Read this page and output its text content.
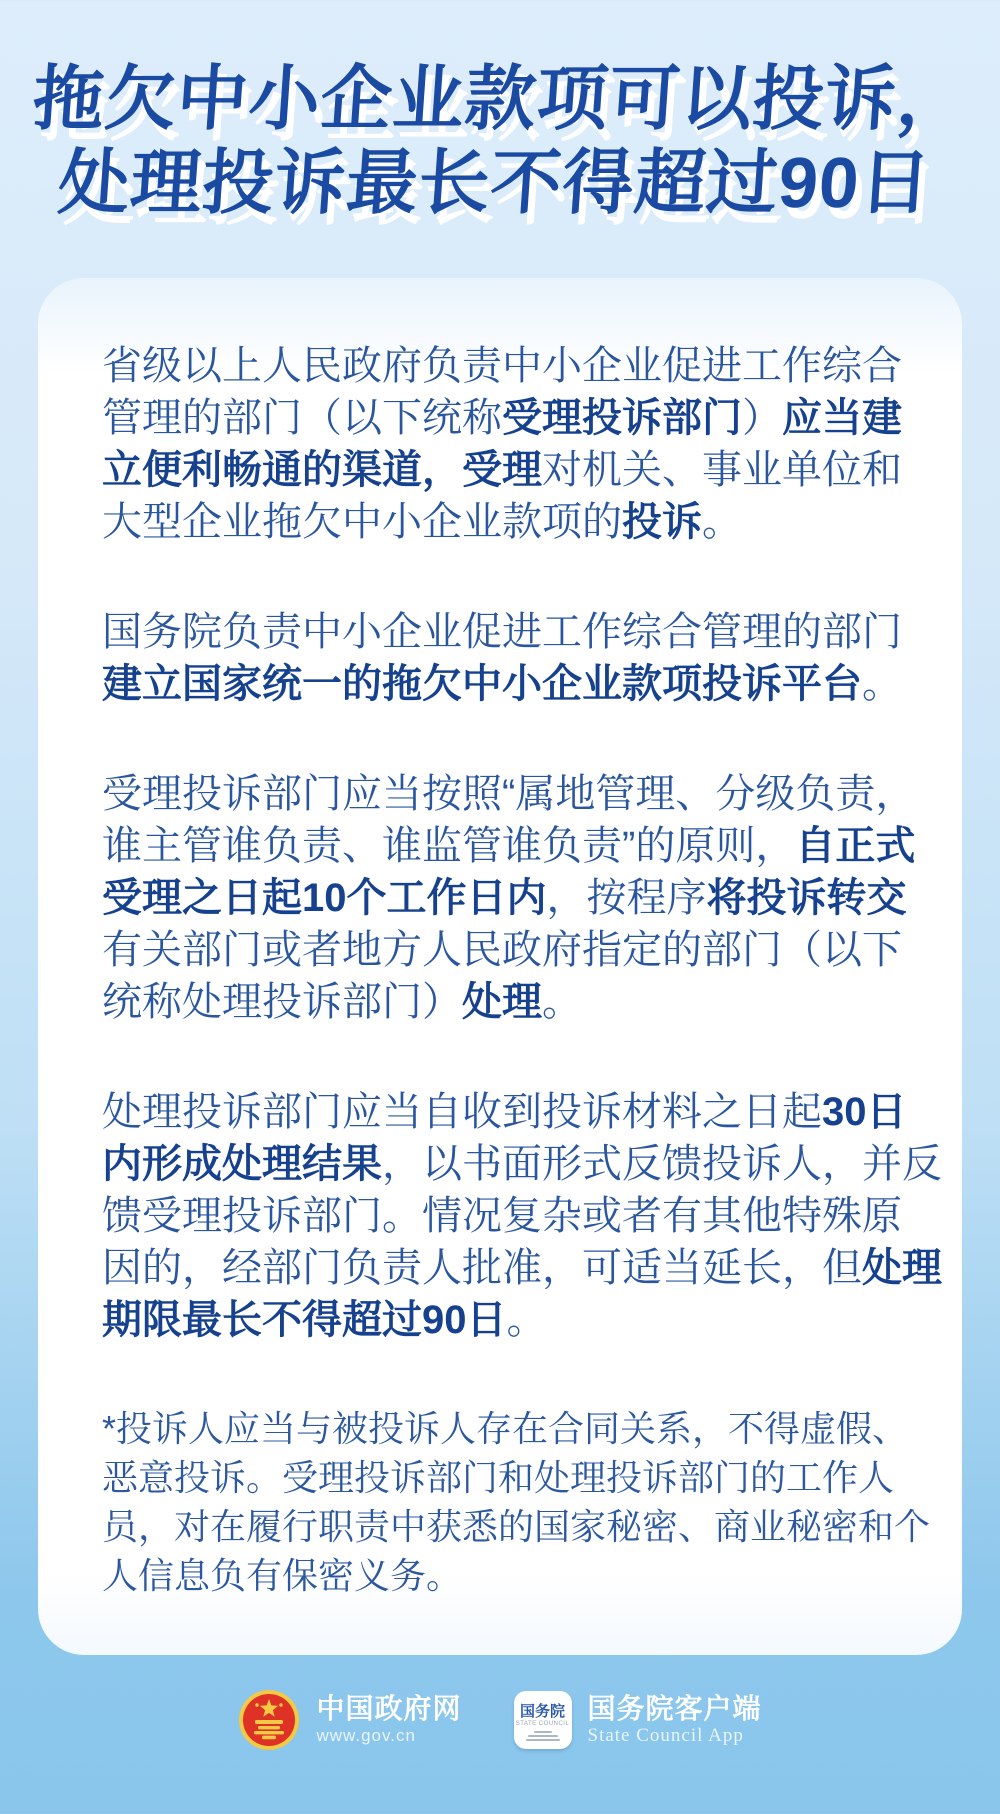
拖欠中小企业款项可以投诉，
处理投诉最长不得超过90日
省级以上人民政府负责中小企业促进工作综合
管理的部门（以下统称受理投诉部门）应当建
立便利畅通的渠道，受理对机关、事业单位和
大型企业拖欠中小企业款项的投诉。
国务院负责中小企业促进工作综合管理的部门
建立国家统一的拖欠中小企业款项投诉平台。
受理投诉部门应当按照“属地管理、分级负责，
谁主管谁负责、谁监管谁负责”的原则，自正式
受理之日起10个工作日内，按程序将投诉转交
有关部门或者地方人民政府指定的部门（以下
统称处理投诉部门）处理。
处理投诉部门应当自收到投诉材料之日起30日
内形成处理结果，以书面形式反馈投诉人，并反
馈受理投诉部门。情况复杂或者有其他特殊原
因的，经部门负责人批准，可适当延长，但处理
期限最长不得超过90日。
*投诉人应当与被投诉人存在合同关系，不得虚假、
恶意投诉。受理投诉部门和处理投诉部门的工作人
员，对在履行职责中获悉的国家秘密、商业秘密和个
人信息负有保密义务。
中国政府网
www.gov.cn
国务院
STATE COUNCIL 国务院客户端
State Council App
